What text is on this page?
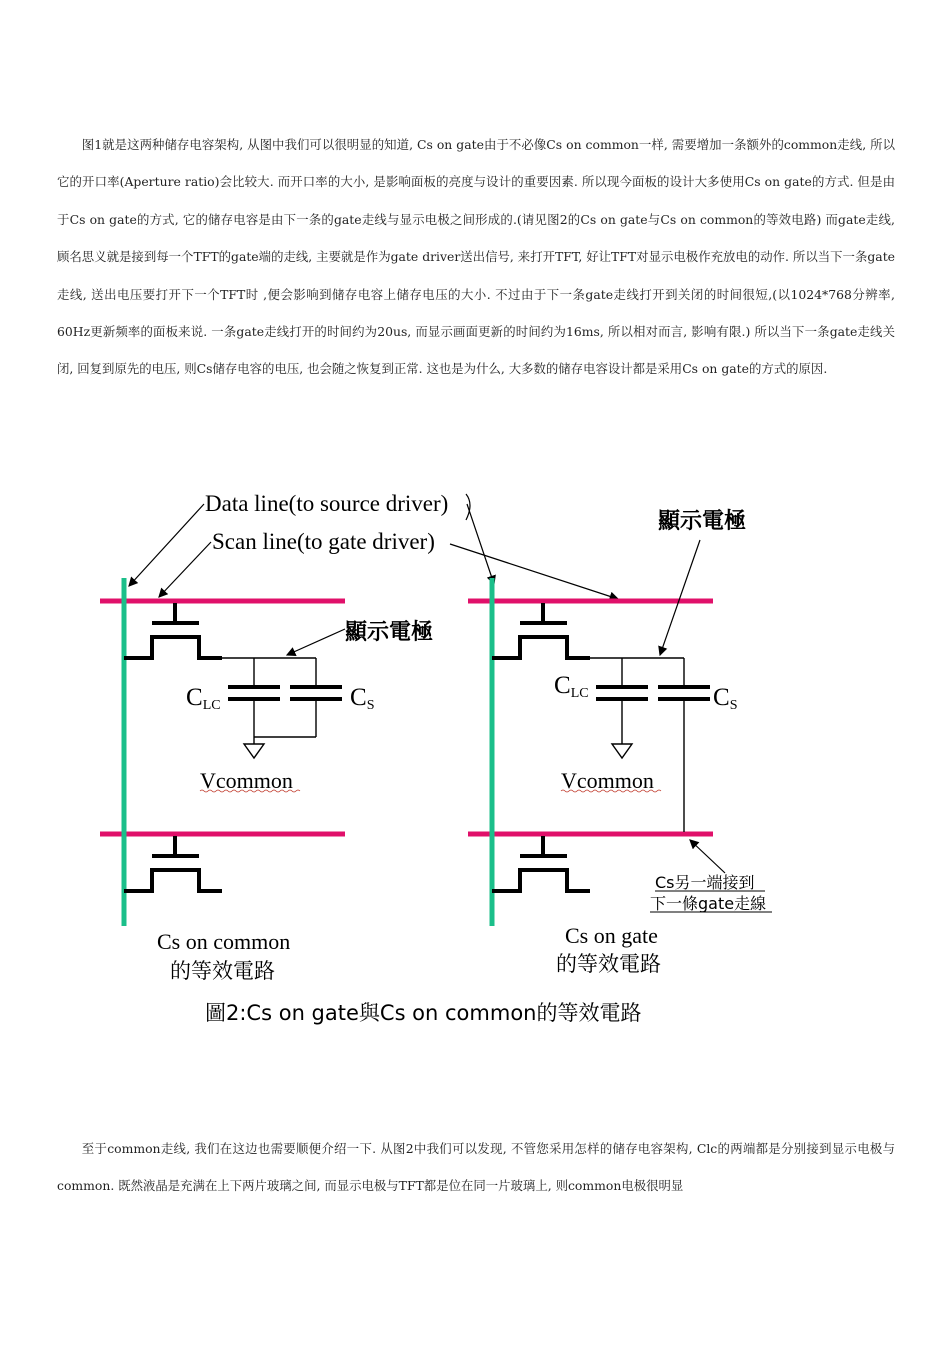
图1就是这两种储存电容架构, 从图中我们可以很明显的知道, Cs on gate由于不必像Cs on common一样, 需要增加一条额外的common走线, 所以它的开口率(Aperture ratio)会比较大. 而开口率的大小, 是影响面板的亮度与设计的重要因素. 所以现今面板的设计大多使用Cs on gate的方式. 但是由于Cs on gate的方式, 它的储存电容是由下一条的gate走线与显示电极之间形成的.(请见图2的Cs on gate与Cs on common的等效电路) 而gate走线, 顾名思义就是接到每一个TFT的gate端的走线, 主要就是作为gate driver送出信号, 来打开TFT, 好让TFT对显示电极作充放电的动作. 所以当下一条gate走线, 送出电压要打开下一个TFT时 ,便会影响到储存电容上储存电压的大小. 不过由于下一条gate走线打开到关闭的时间很短,(以1024*768分辨率, 60Hz更新频率的面板来说. 一条gate走线打开的时间约为20us, 而显示画面更新的时间约为16ms, 所以相对而言, 影响有限.) 所以当下一条gate走线关闭, 回复到原先的电压, 则Cs储存电容的电压, 也会随之恢复到正常. 这也是为什么, 大多数的储存电容设计都是采用Cs on gate的方式的原因.

CLC	CS
Vcommon
顯示電極
Cs on common
的等效電路
Data line(to source driver)
Scan line(to gate driver)
CLC	CS
Vcommon
顯示電極
Cs另一端接到
下一條gate走線
Cs on gate
的等效電路
圖2:Cs on gate與Cs on common的等效電路

至于common走线, 我们在这边也需要顺便介绍一下. 从图2中我们可以发现, 不管您采用怎样的储存电容架构, Clc的两端都是分别接到显示电极与common. 既然液晶是充满在上下两片玻璃之间, 而显示电极与TFT都是位在同一片玻璃上, 则common电极很明显
